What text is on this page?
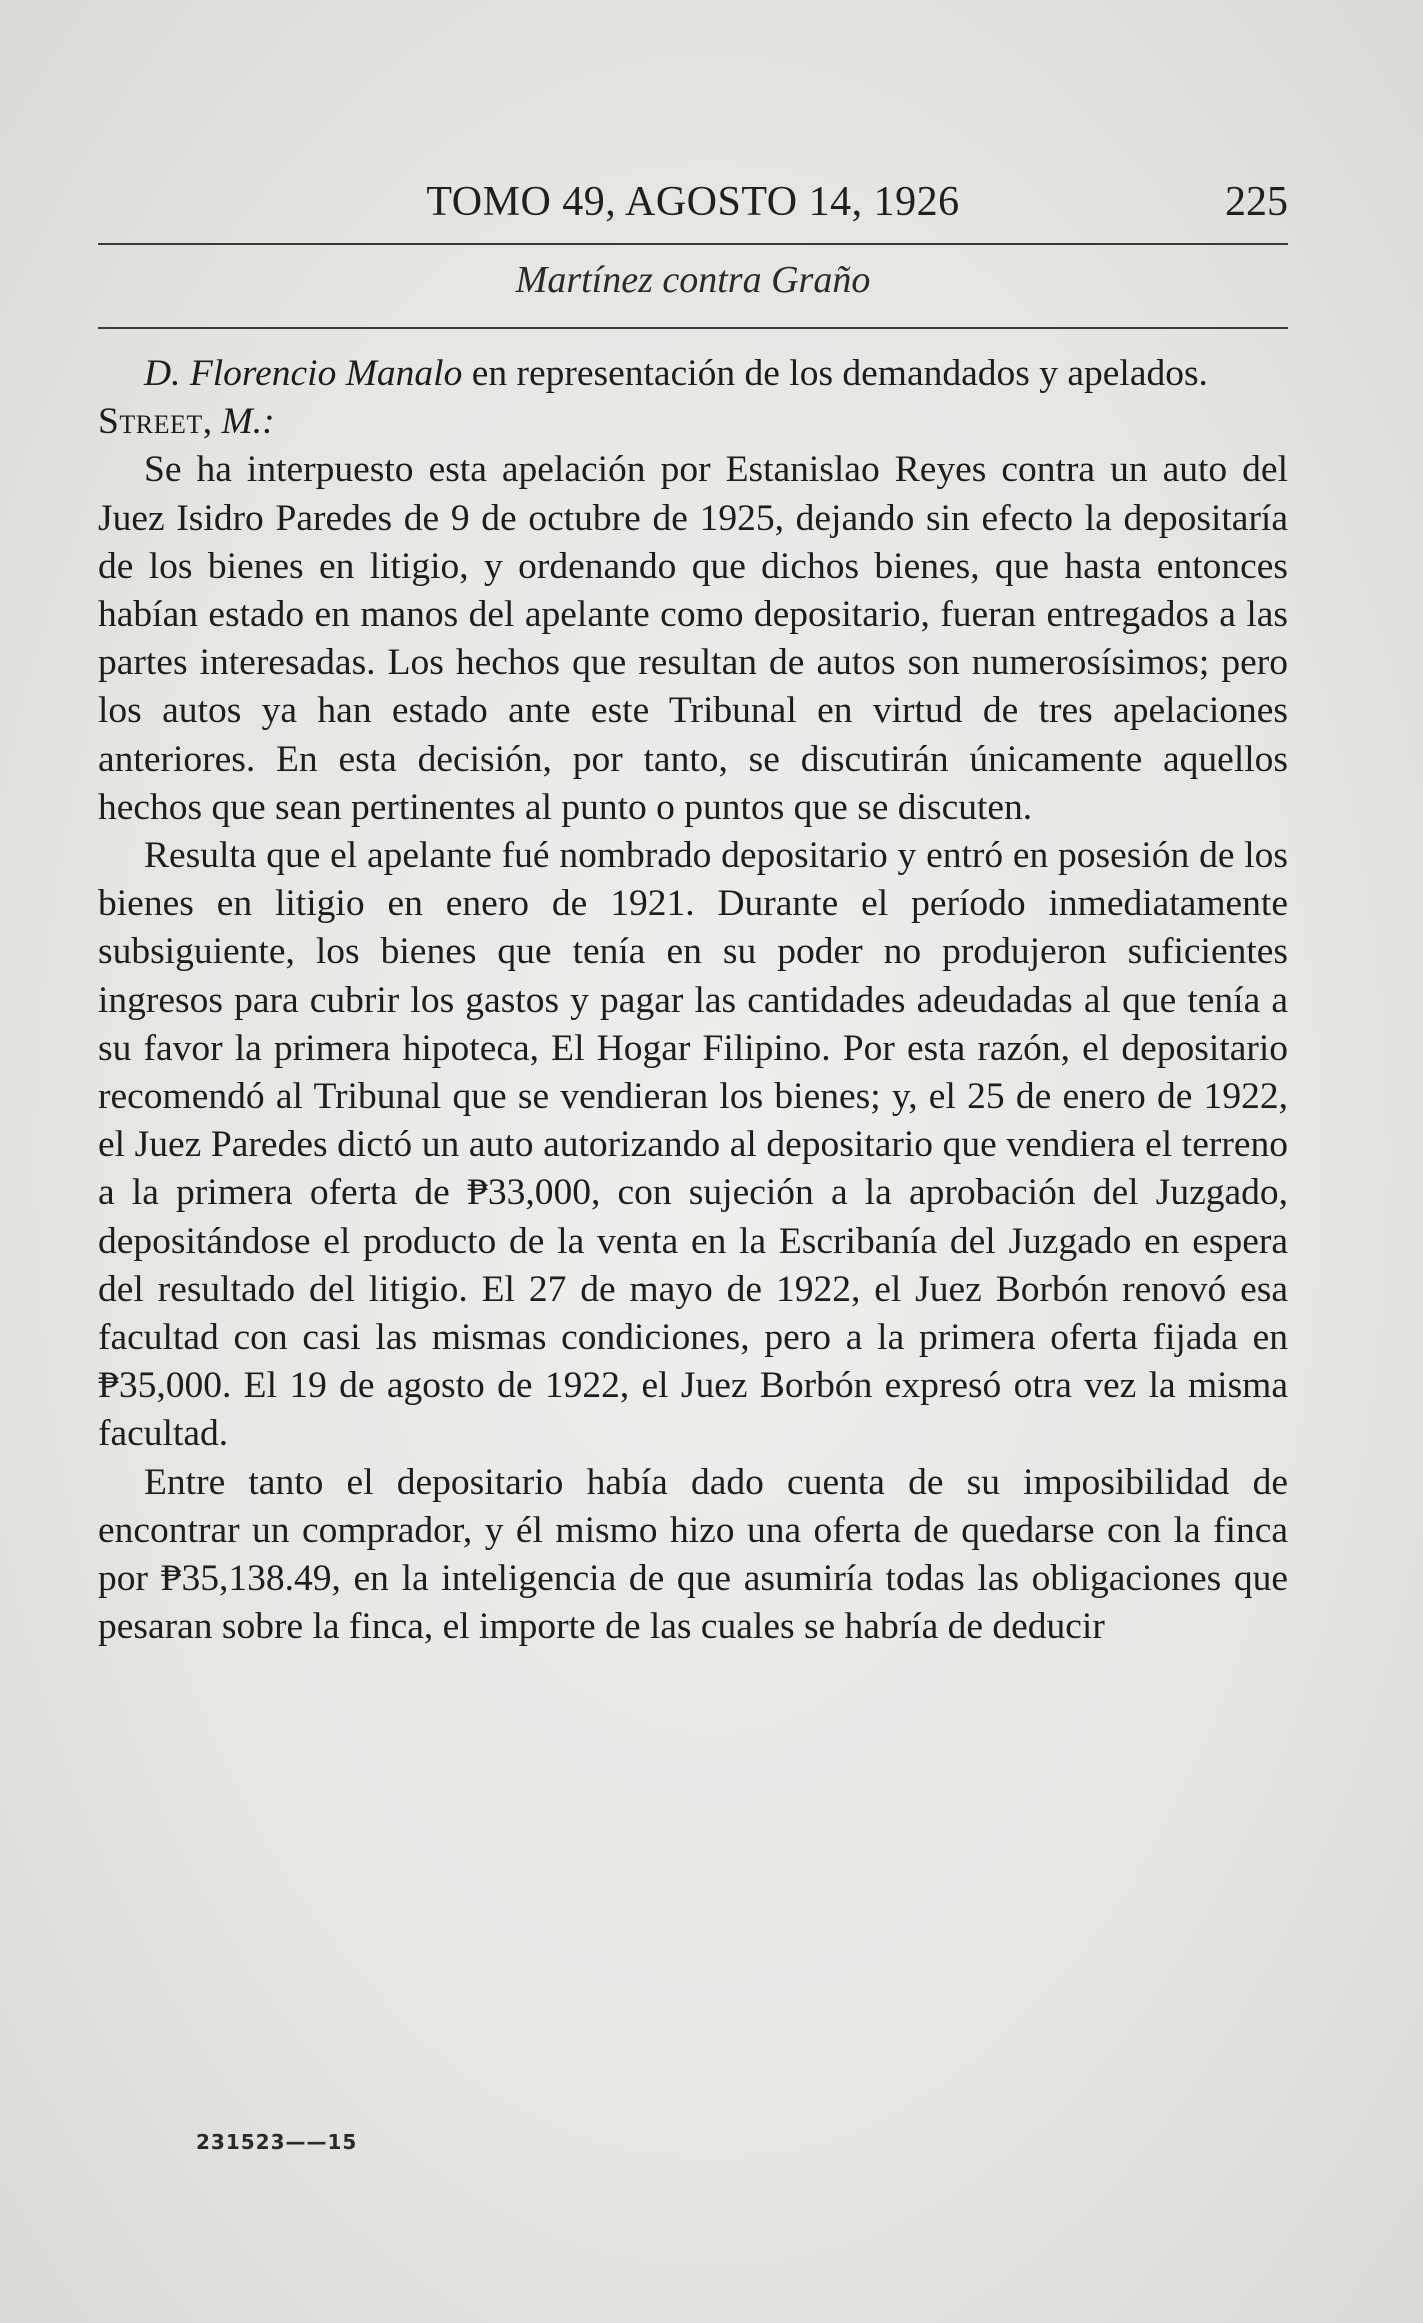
TOMO 49, AGOSTO 14, 1926	225
Martínez contra Graño

D. Florencio Manalo en representación de los demandados y apelados.

Street, M.:

Se ha interpuesto esta apelación por Estanislao Reyes contra un auto del Juez Isidro Paredes de 9 de octubre de 1925, dejando sin efecto la depositaría de los bienes en litigio, y ordenando que dichos bienes, que hasta entonces habían estado en manos del apelante como depositario, fueran entregados a las partes interesadas. Los hechos que resultan de autos son numerosísimos; pero los autos ya han estado ante este Tribunal en virtud de tres apelaciones anteriores. En esta decisión, por tanto, se discutirán únicamente aquellos hechos que sean pertinentes al punto o puntos que se discuten.

Resulta que el apelante fué nombrado depositario y entró en posesión de los bienes en litigio en enero de 1921. Durante el período inmediatamente subsiguiente, los bienes que tenía en su poder no produjeron suficientes ingresos para cubrir los gastos y pagar las cantidades adeudadas al que tenía a su favor la primera hipoteca, El Hogar Filipino. Por esta razón, el depositario recomendó al Tribunal que se vendieran los bienes; y, el 25 de enero de 1922, el Juez Paredes dictó un auto autorizando al depositario que vendiera el terreno a la primera oferta de ₱33,000, con sujeción a la aprobación del Juzgado, depositándose el producto de la venta en la Escribanía del Juzgado en espera del resultado del litigio. El 27 de mayo de 1922, el Juez Borbón renovó esa facultad con casi las mismas condiciones, pero a la primera oferta fijada en ₱35,000. El 19 de agosto de 1922, el Juez Borbón expresó otra vez la misma facultad.

Entre tanto el depositario había dado cuenta de su imposibilidad de encontrar un comprador, y él mismo hizo una oferta de quedarse con la finca por ₱35,138.49, en la inteligencia de que asumiría todas las obligaciones que pesaran sobre la finca, el importe de las cuales se habría de deducir

231523——15
